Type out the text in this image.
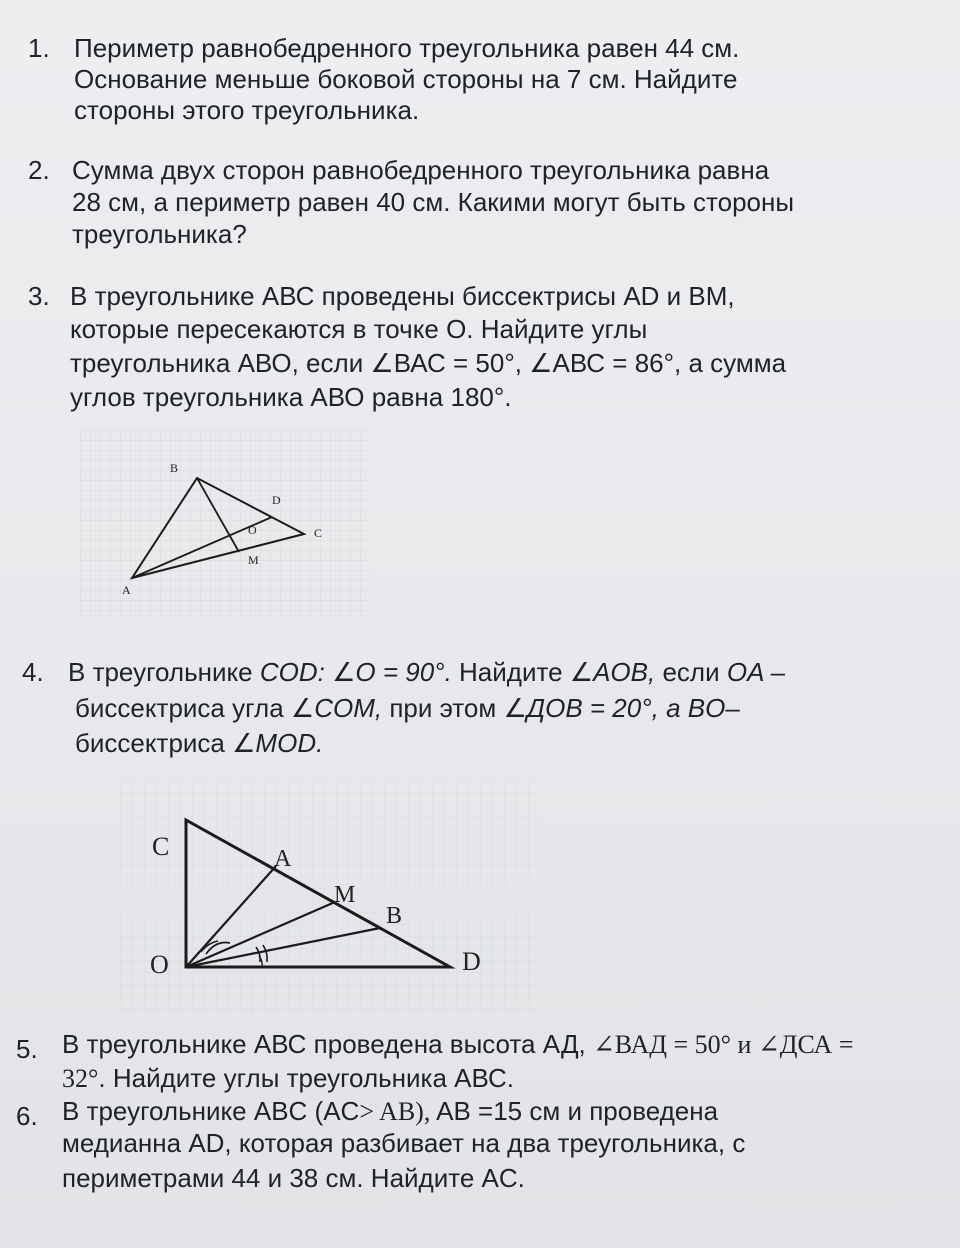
1. Периметр равнобедренного треугольника равен 44 см.
Основание меньше боковой стороны на 7 см. Найдите
стороны этого треугольника.
2. Сумма двух сторон равнобедренного треугольника равна
28 см, а периметр равен 40 см. Какими могут быть стороны
треугольника?
3. В треугольнике АВС проведены биссектрисы AD и ВМ,
которые пересекаются в точке О. Найдите углы
треугольника АВО, если ∠ВАС = 50°, ∠АВС = 86°, а сумма
углов треугольника АВО равна 180°.
B
D
O	C
M
A
4. В треугольнике COD: ∠O = 90°. Найдите ∠AOB, если OA –
биссектриса угла ∠COM, при этом ∠ДOB = 20°, а BO–
биссектриса ∠MOD.
C	A
M
B
O	D
5. В треугольнике АВС проведена высота АД, ∠ВАД = 50° и ∠ДСА =
32°. Найдите углы треугольника АВС.
6. В треугольнике ABC (AC> AB), AB =15 см и проведена
медианна AD, которая разбивает на два треугольника, с
периметрами 44 и 38 см. Найдите AC.
